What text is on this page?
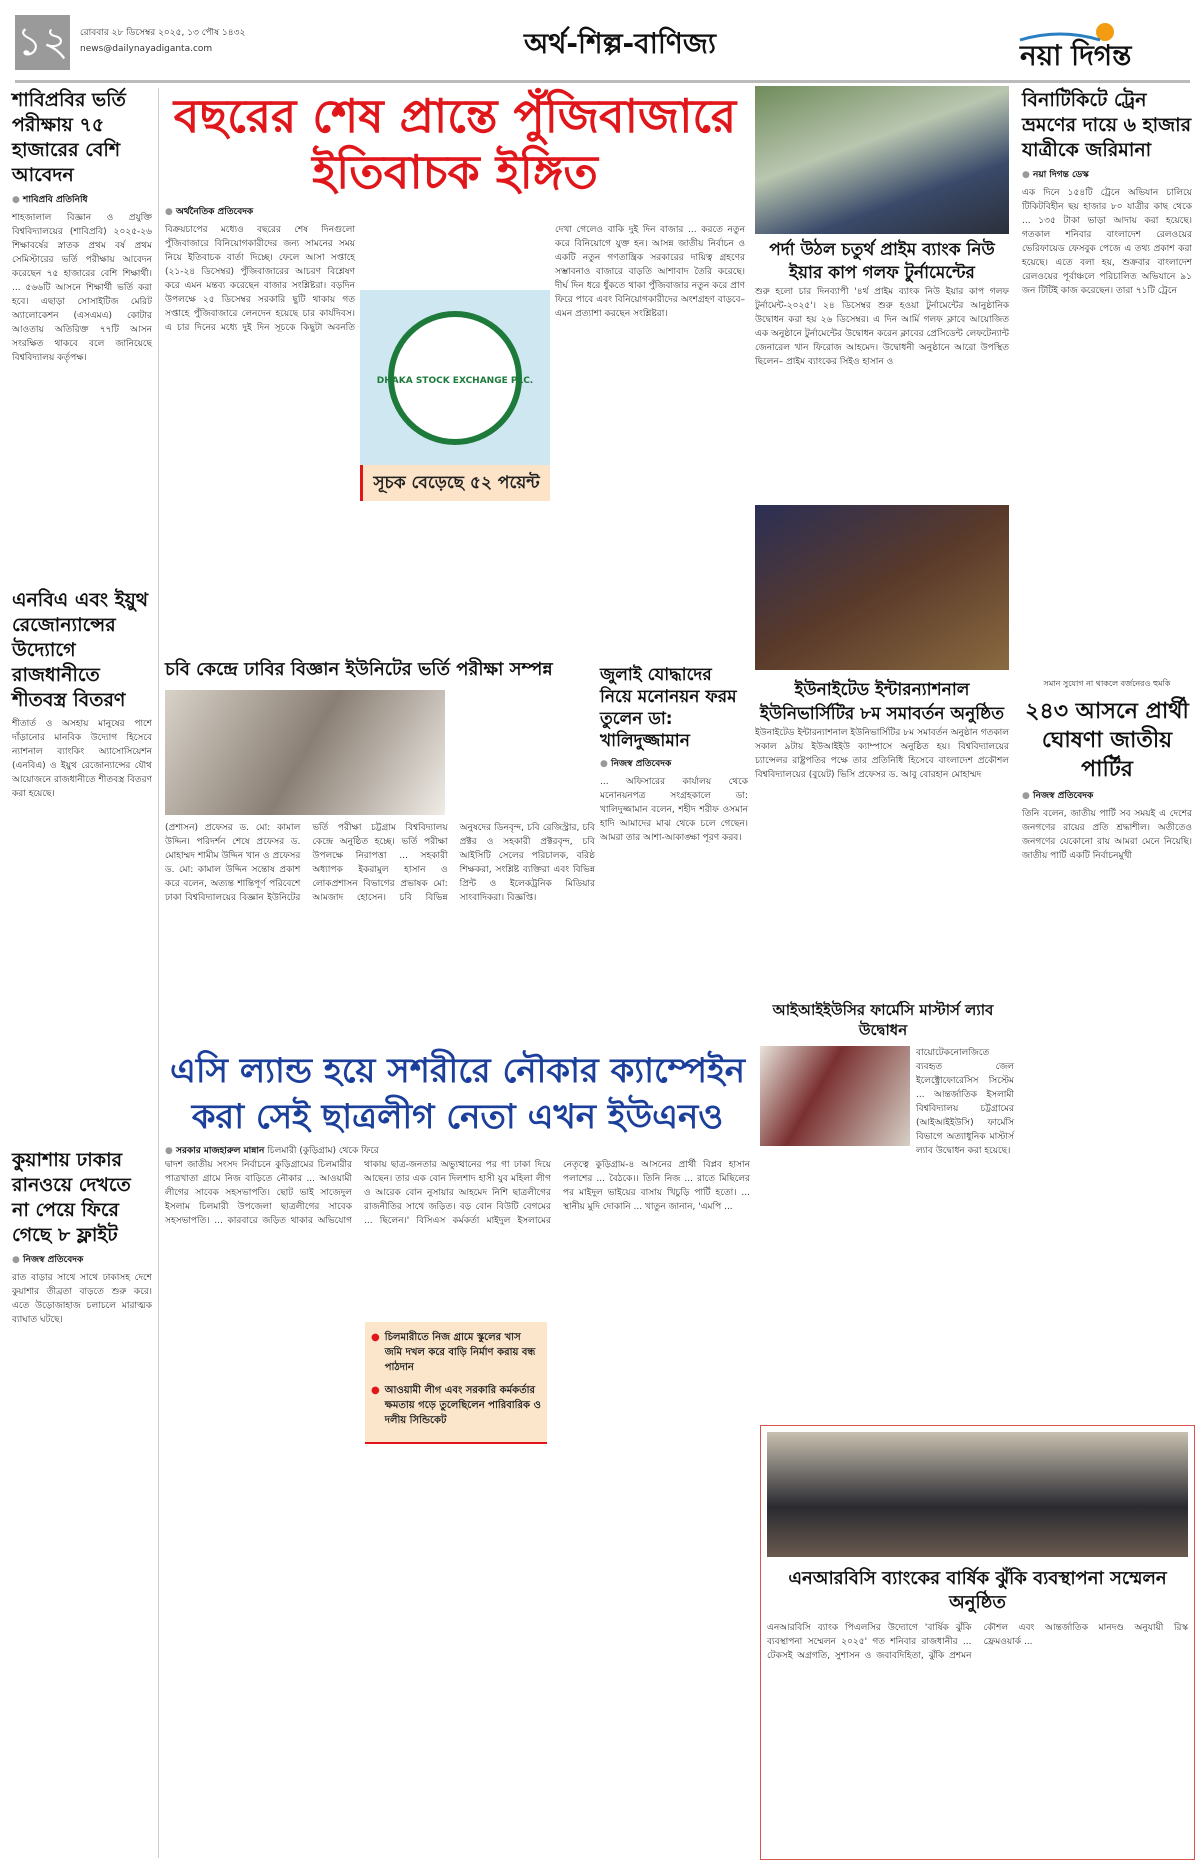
১২ রোববার ২৮ ডিসেম্বর ২০২৫, ১৩ পৌষ ১৪৩২
news@dailynayadiganta.com	অর্থ-শিল্প-বাণিজ্য	নয়া দিগন্ত
শাবিপ্রবির ভর্তি পরীক্ষায় ৭৫ হাজারের বেশি আবেদন
● শাবিপ্রবি প্রতিনিধি
শাহজালাল বিজ্ঞান ও প্রযুক্তি বিশ্ববিদ্যালয়ের (শাবিপ্রবি) ২০২৫-২৬ শিক্ষাবর্ষের স্নাতক প্রথম বর্ষ প্রথম সেমিস্টারের ভর্তি পরীক্ষায় আবেদন করেছেন ৭৫ হাজারের বেশি শিক্ষার্থী। ... ৫৬৬টি আসনে শিক্ষার্থী ভর্তি করা হবে। এছাড়া সোসাইটিজ মেরিট অ্যালোকেশন (এসএমএ) কোটার আওতায় অতিরিক্ত ৭৭টি আসন সংরক্ষিত থাকবে বলে জানিয়েছে বিশ্ববিদ্যালয় কর্তৃপক্ষ।
এনবিএ এবং ইয়ুথ রেজোন্যান্সের উদ্যোগে রাজধানীতে শীতবস্ত্র বিতরণ
শীতার্ত ও অসহায় মানুষের পাশে দাঁড়ানোর মানবিক উদ্যোগ হিসেবে ন্যাশনাল ব্যাংকিং অ্যাসোসিয়েশন (এনবিএ) ও ইয়ুথ রেজোন্যান্সের যৌথ আয়োজনে রাজধানীতে শীতবস্ত্র বিতরণ করা হয়েছে।
কুয়াশায় ঢাকার রানওয়ে দেখতে না পেয়ে ফিরে গেছে ৮ ফ্লাইট
● নিজস্ব প্রতিবেদক
রাত বাড়ার সাথে সাথে ঢাকাসহ দেশে কুয়াশার তীব্রতা বাড়তে শুরু করে। এতে উড়োজাহাজ চলাচলে মারাত্মক ব্যাঘাত ঘটছে।
বছরের শেষ প্রান্তে পুঁজিবাজারে ইতিবাচক ইঙ্গিত
● অর্থনৈতিক প্রতিবেদক
বিক্রয়চাপের মধ্যেও বছরের শেষ দিনগুলো পুঁজিবাজারে বিনিয়োগকারীদের জন্য সামনের সময় নিয়ে ইতিবাচক বার্তা দিচ্ছে। ফেলে আসা সপ্তাহে (২১-২৪ ডিসেম্বর) পুঁজিবাজারের আচরণ বিশ্লেষণ করে এমন মন্তব্য করেছেন বাজার সংশ্লিষ্টরা। বড়দিন উপলক্ষে ২৫ ডিসেম্বর সরকারি ছুটি থাকায় গত সপ্তাহে পুঁজিবাজারে লেনদেন হয়েছে চার কার্যদিবস। এ চার দিনের মধ্যে দুই দিন সূচকে কিছুটা অবনতি দেখা গেলেও বাকি দুই দিন বাজার ... করতে নতুন করে বিনিয়োগে যুক্ত হন। আসন্ন জাতীয় নির্বাচন ও একটি নতুন গণতান্ত্রিক সরকারের দায়িত্ব গ্রহণের সম্ভাবনাও বাজারে বাড়তি আশাবাদ তৈরি করেছে। দীর্ঘ দিন ধরে ধুঁকতে থাকা পুঁজিবাজার নতুন করে প্রাণ ফিরে পাবে এবং বিনিয়োগকারীদের অংশগ্রহণ বাড়বে– এমন প্রত্যাশা করছেন সংশ্লিষ্টরা।
DHAKA STOCK EXCHANGE PLC.
সূচক বেড়েছে ৫২ পয়েন্ট
পর্দা উঠল চতুর্থ প্রাইম ব্যাংক নিউ ইয়ার কাপ গলফ টুর্নামেন্টের
শুরু হলো চার দিনব্যাপী '৪র্থ প্রাইম ব্যাংক নিউ ইয়ার কাপ গলফ টুর্নামেন্ট-২০২৫'। ২৪ ডিসেম্বর শুরু হওয়া টুর্নামেন্টের আনুষ্ঠানিক উদ্বোধন করা হয় ২৬ ডিসেম্বর। এ দিন আর্মি গলফ ক্লাবে আয়োজিত এক অনুষ্ঠানে টুর্নামেন্টের উদ্বোধন করেন ক্লাবের প্রেসিডেন্ট লেফটেন্যান্ট জেনারেল খান ফিরোজ আহমেদ। উদ্বোধনী অনুষ্ঠানে আরো উপস্থিত ছিলেন– প্রাইম ব্যাংকের সিইও হাসান ও
বিনাটিকিটে ট্রেন ভ্রমণের দায়ে ৬ হাজার যাত্রীকে জরিমানা
● নয়া দিগন্ত ডেস্ক
এক দিনে ১৫৪টি ট্রেনে অভিযান চালিয়ে টিকিটবিহীন ছয় হাজার ৮০ যাত্রীর কাছ থেকে ... ১৩৫ টাকা ভাড়া আদায় করা হয়েছে। গতকাল শনিবার বাংলাদেশ রেলওয়ের ভেরিফায়েড ফেসবুক পেজে এ তথ্য প্রকাশ করা হয়েছে। এতে বলা হয়, শুক্রবার বাংলাদেশ রেলওয়ের পূর্বাঞ্চলে পরিচালিত অভিযানে ৯১ জন টিটিই কাজ করেছেন। তারা ৭১টি ট্রেনে
ইউনাইটেড ইন্টারন্যাশনাল ইউনিভার্সিটির ৮ম সমাবর্তন অনুষ্ঠিত
ইউনাইটেড ইন্টারন্যাশনাল ইউনিভার্সিটির ৮ম সমাবর্তন অনুষ্ঠান গতকাল সকাল ৯টায় ইউআইইউ ক্যাম্পাসে অনুষ্ঠিত হয়। বিশ্ববিদ্যালয়ের চ্যান্সেলর রাষ্ট্রপতির পক্ষে তার প্রতিনিধি হিসেবে বাংলাদেশ প্রকৌশল বিশ্ববিদ্যালয়ের (বুয়েট) ভিসি প্রফেসর ড. আবু বোরহান মোহাম্মদ
সমান সুযোগ না থাকলে বর্জনেরও হুমকি
২৪৩ আসনে প্রার্থী ঘোষণা জাতীয় পার্টির
● নিজস্ব প্রতিবেদক
তিনি বলেন, জাতীয় পার্টি সব সময়ই এ দেশের জনগণের রায়ের প্রতি শ্রদ্ধাশীল। অতীতেও জনগণের যেকোনো রায় আমরা মেনে নিয়েছি। জাতীয় পার্টি একটি নির্বাচনমুখী
চবি কেন্দ্রে ঢাবির বিজ্ঞান ইউনিটের ভর্তি পরীক্ষা সম্পন্ন
(প্রশাসন) প্রফেসর ড. মো: কামাল উদ্দিন। পরিদর্শন শেষে প্রফেসর ড. মোহাম্মদ শামীম উদ্দিন খান ও প্রফেসর ড. মো: কামাল উদ্দিন সন্তোষ প্রকাশ করে বলেন, অত্যন্ত শান্তিপূর্ণ পরিবেশে ঢাকা বিশ্ববিদ্যালয়ের বিজ্ঞান ইউনিটের ভর্তি পরীক্ষা চট্টগ্রাম বিশ্ববিদ্যালয় কেন্দ্রে অনুষ্ঠিত হচ্ছে। ভর্তি পরীক্ষা উপলক্ষে নিরাপত্তা ... সহকারী অধ্যাপক ইকরামুল হাসান ও লোকপ্রশাসন বিভাগের প্রভাষক মো: আমজাদ হোসেন। চবি বিভিন্ন অনুষদের ডিনবৃন্দ, চবি রেজিস্ট্রার, চবি প্রক্টর ও সহকারী প্রক্টরবৃন্দ, চবি আইসিটি সেলের পরিচালক, বরিষ্ঠ শিক্ষকরা, সংশ্লিষ্ট ব্যক্তিরা এবং বিভিন্ন প্রিন্ট ও ইলেকট্রনিক মিডিয়ার সাংবাদিকরা। বিজ্ঞপ্তি।
জুলাই যোদ্ধাদের নিয়ে মনোনয়ন ফরম তুলেন ডা: খালিদুজ্জামান
● নিজস্ব প্রতিবেদক
... অফিসারের কার্যালয় থেকে মনোনয়নপত্র সংগ্রহকালে ডা: খালিদুজ্জামান বলেন, শহীদ শরীফ ওসমান হাদি আমাদের মাঝ থেকে চলে গেছেন। আমরা তার আশা-আকাঙ্ক্ষা পূরণ করব।
আইআইইউসির ফার্মেসি মাস্টার্স ল্যাব উদ্বোধন
বায়োটেকনোলজিতে ব্যবহৃত জেল ইলেক্ট্রোফোরেসিস সিস্টেম ... আন্তর্জাতিক ইসলামী বিশ্ববিদ্যালয় চট্টগ্রামের (আইআইইউসি) ফার্মেসি বিভাগে অত্যাধুনিক মাস্টার্স ল্যাব উদ্বোধন করা হয়েছে।
এসি ল্যান্ড হয়ে সশরীরে নৌকার ক্যাম্পেইন করা সেই ছাত্রলীগ নেতা এখন ইউএনও
● সরকার মাজহারুল মান্নান চিলমারী (কুড়িগ্রাম) থেকে ফিরে
দ্বাদশ জাতীয় সংসদ নির্বাচনে কুড়িগ্রামের চিলমারীর পাত্রখাতা গ্রামে নিজ বাড়িতে নৌকার ... আওয়ামী লীগের সাবেক সহসভাপতি। ছোট ভাই সাজেদুল ইসলাম চিলমারী উপজেলা ছাত্রলীগের সাবেক সহসভাপতি। ... কারবারে জড়িত থাকার অভিযোগ থাকায় ছাত্র-জনতার অভ্যুত্থানের পর গা ঢাকা দিয়ে আছেন। তার এক বোন দিলশাদ হাসী যুব মহিলা লীগ ও আরেক বোন নুসায়ার আহমেদ নিশি ছাত্রলীগের রাজনীতির সাথে জড়িত। বড় বোন বিউটি বেগমের ... ছিলেন।' বিসিএস কর্মকর্তা মাইদুল ইসলামের নেতৃত্বে কুড়িগ্রাম-৪ আসনের প্রার্থী বিপ্লব হাসান পলাশের ... বৈঠকে।। তিনি নিজ ... রাতে মিছিলের পর মাইদুল ভাইয়ের বাসায় খিচুড়ি পার্টি হতো। ... স্থানীয় মুদি দোকানি ... খাতুন জানান, 'এমপি ...
● চিলমারীতে নিজ গ্রামে স্কুলের খাস জমি দখল করে বাড়ি নির্মাণ করায় বন্ধ পাঠদান
● আওয়ামী লীগ এবং সরকারি কর্মকর্তার ক্ষমতায় গড়ে তুলেছিলেন পারিবারিক ও দলীয় সিন্ডিকেট
এনআরবিসি ব্যাংকের বার্ষিক ঝুঁকি ব্যবস্থাপনা সম্মেলন অনুষ্ঠিত
এনআরবিসি ব্যাংক পিএলসির উদ্যোগে 'বার্ষিক ঝুঁকি ব্যবস্থাপনা সম্মেলন ২০২৫' গত শনিবার রাজধানীর ... টেকসই অগ্রগতি, সুশাসন ও জবাবদিহিতা, ঝুঁকি প্রশমন কৌশল এবং আন্তর্জাতিক মানদণ্ড অনুযায়ী রিস্ক ফ্রেমওয়ার্ক ...
